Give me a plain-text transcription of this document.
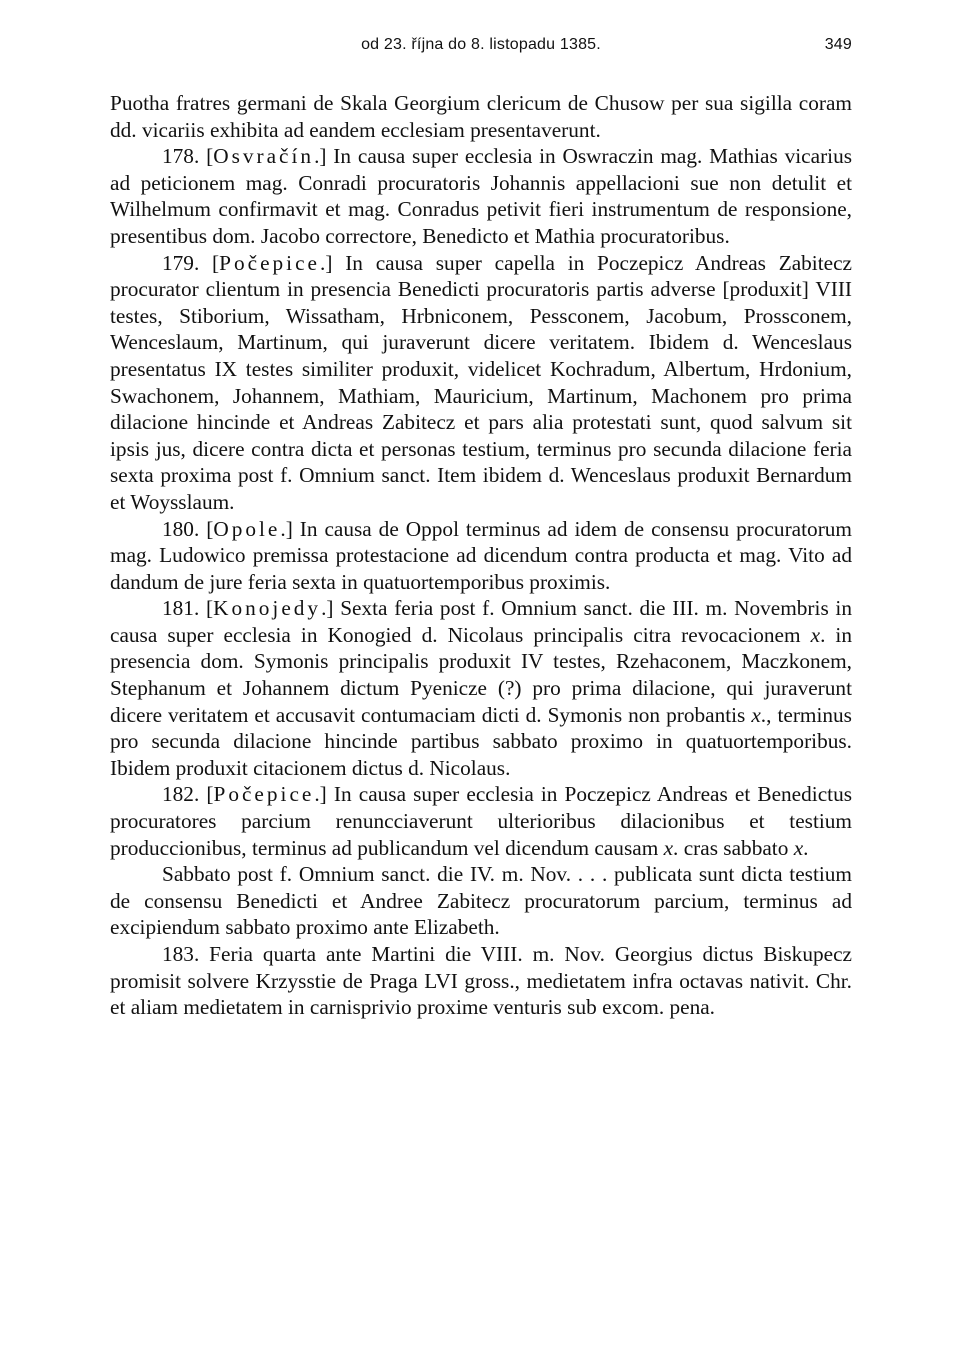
od 23. října do 8. listopadu 1385.	349

Puotha fratres germani de Skala Georgium clericum de Chusow per sua sigilla coram dd. vicariis exhibita ad eandem ecclesiam presentaverunt.

178. [Osvračín.] In causa super ecclesia in Oswraczin mag. Mathias vicarius ad peticionem mag. Conradi procuratoris Johannis appellacioni sue non detulit et Wilhelmum confirmavit et mag. Conradus petivit fieri instrumentum de responsione, presentibus dom. Jacobo correctore, Benedicto et Mathia procuratoribus.

179. [Počepice.] In causa super capella in Poczepicz Andreas Zabitecz procurator clientum in presencia Benedicti procuratoris partis adverse [produxit] VIII testes, Stiborium, Wissatham, Hrbniconem, Pessconem, Jacobum, Prossconem, Wenceslaum, Martinum, qui juraverunt dicere veritatem. Ibidem d. Wenceslaus presentatus IX testes similiter produxit, videlicet Kochradum, Albertum, Hrdonium, Swachonem, Johannem, Mathiam, Mauricium, Martinum, Machonem pro prima dilacione hincinde et Andreas Zabitecz et pars alia protestati sunt, quod salvum sit ipsis jus, dicere contra dicta et personas testium, terminus pro secunda dilacione feria sexta proxima post f. Omnium sanct. Item ibidem d. Wenceslaus produxit Bernardum et Woysslaum.

180. [Opole.] In causa de Oppol terminus ad idem de consensu procuratorum mag. Ludowico premissa protestacione ad dicendum contra producta et mag. Vito ad dandum de jure feria sexta in quatuortemporibus proximis.

181. [Konojedy.] Sexta feria post f. Omnium sanct. die III. m. Novembris in causa super ecclesia in Konogied d. Nicolaus principalis citra revocacionem x. in presencia dom. Symonis principalis produxit IV testes, Rzehaconem, Maczkonem, Stephanum et Johannem dictum Pyenicze (?) pro prima dilacione, qui juraverunt dicere veritatem et accusavit contumaciam dicti d. Symonis non probantis x., terminus pro secunda dilacione hincinde partibus sabbato proximo in quatuortemporibus. Ibidem produxit citacionem dictus d. Nicolaus.

182. [Počepice.] In causa super ecclesia in Poczepicz Andreas et Benedictus procuratores parcium renuncciaverunt ulterioribus dilacionibus et testium produccionibus, terminus ad publicandum vel dicendum causam x. cras sabbato x.

Sabbato post f. Omnium sanct. die IV. m. Nov. . . . publicata sunt dicta testium de consensu Benedicti et Andree Zabitecz procuratorum parcium, terminus ad excipiendum sabbato proximo ante Elizabeth.

183. Feria quarta ante Martini die VIII. m. Nov. Georgius dictus Biskupecz promisit solvere Krzysstie de Praga LVI gross., medietatem infra octavas nativit. Chr. et aliam medietatem in carnisprivio proxime venturis sub excom. pena.
